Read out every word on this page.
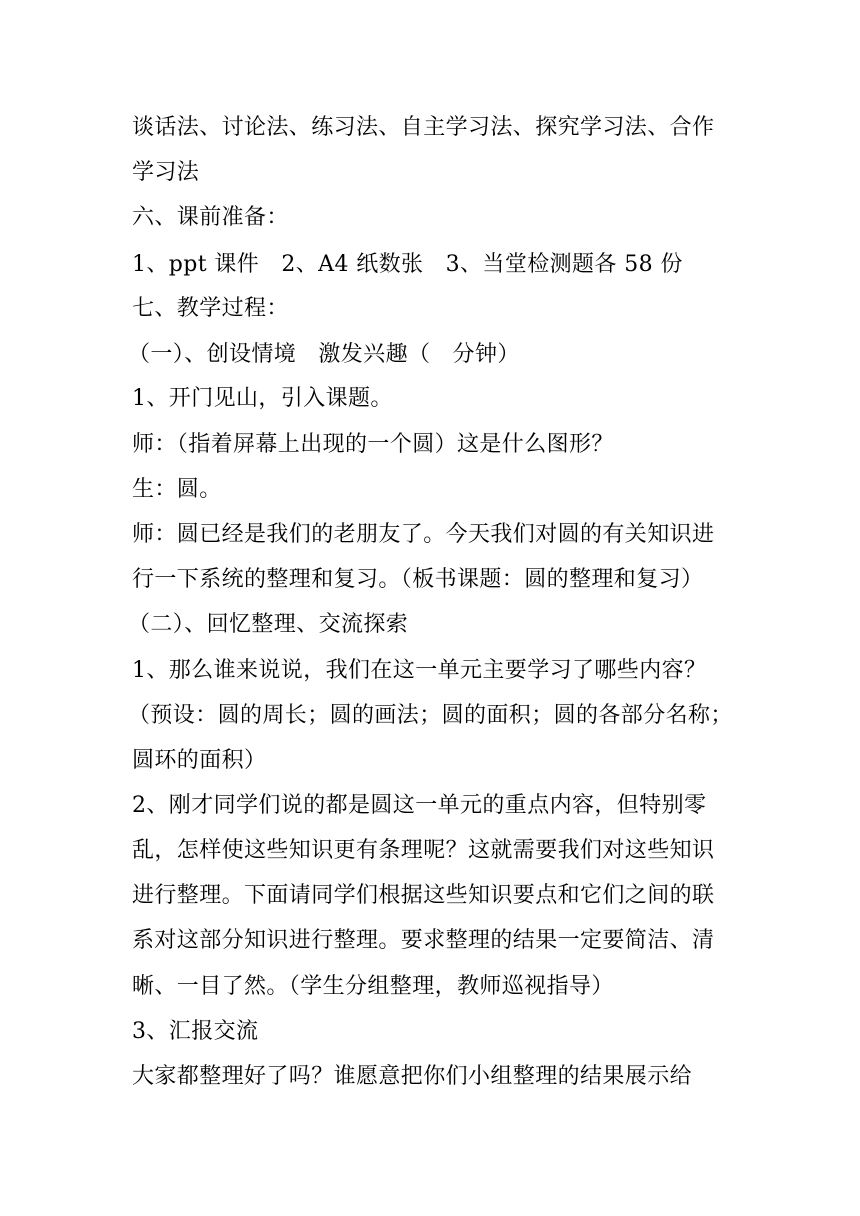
谈话法、讨论法、练习法、自主学习法、探究学习法、合作
学习法
六、课前准备：
1、ppt 课件   2、A4 纸数张   3、当堂检测题各 58 份
七、教学过程：
（一）、创设情境   激发兴趣（   分钟）
1、开门见山，引入课题。
师：（指着屏幕上出现的一个圆）这是什么图形？
生：圆。
师：圆已经是我们的老朋友了。今天我们对圆的有关知识进
行一下系统的整理和复习。（板书课题：圆的整理和复习）
（二）、回忆整理、交流探索
1、那么谁来说说，我们在这一单元主要学习了哪些内容？
（预设：圆的周长；圆的画法；圆的面积；圆的各部分名称；
圆环的面积）
2、刚才同学们说的都是圆这一单元的重点内容，但特别零
乱，怎样使这些知识更有条理呢？这就需要我们对这些知识
进行整理。下面请同学们根据这些知识要点和它们之间的联
系对这部分知识进行整理。要求整理的结果一定要简洁、清
晰、一目了然。（学生分组整理，教师巡视指导）
3、汇报交流
大家都整理好了吗？谁愿意把你们小组整理的结果展示给
